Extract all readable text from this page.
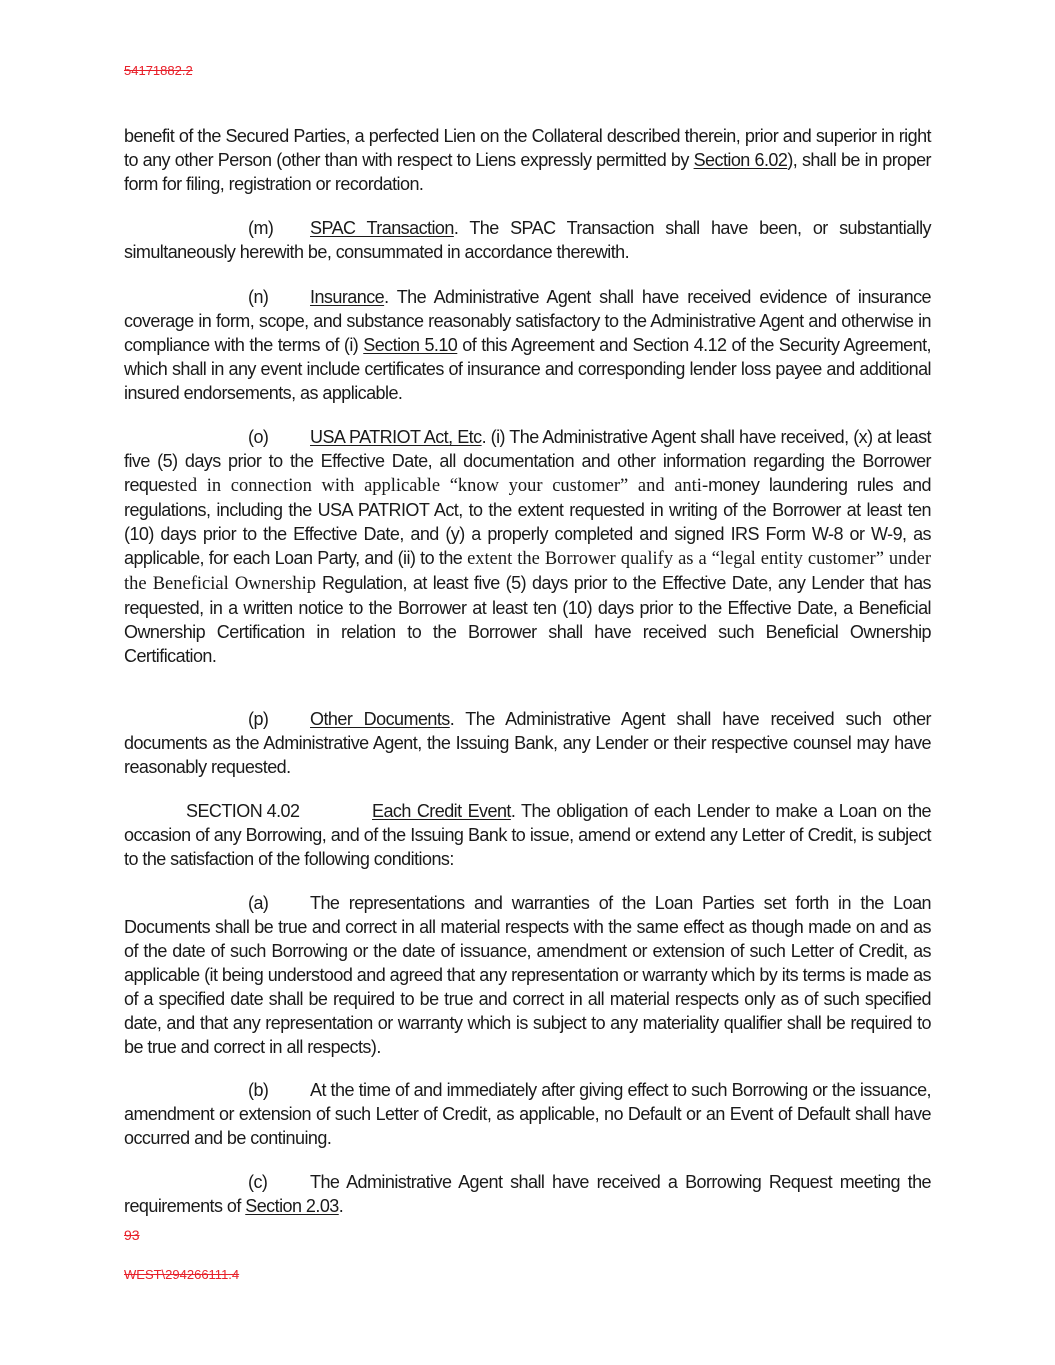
54171882.2

benefit of the Secured Parties, a perfected Lien on the Collateral described therein, prior and superior in right to any other Person (other than with respect to Liens expressly permitted by Section 6.02), shall be in proper form for filing, registration or recordation.

(m) SPAC Transaction. The SPAC Transaction shall have been, or substantially simultaneously herewith be, consummated in accordance therewith.

(n) Insurance. The Administrative Agent shall have received evidence of insurance coverage in form, scope, and substance reasonably satisfactory to the Administrative Agent and otherwise in compliance with the terms of (i) Section 5.10 of this Agreement and Section 4.12 of the Security Agreement, which shall in any event include certificates of insurance and corresponding lender loss payee and additional insured endorsements, as applicable.

(o) USA PATRIOT Act, Etc. (i) The Administrative Agent shall have received, (x) at least five (5) days prior to the Effective Date, all documentation and other information regarding the Borrower requested in connection with applicable “know your customer” and anti-money laundering rules and regulations, including the USA PATRIOT Act, to the extent requested in writing of the Borrower at least ten (10) days prior to the Effective Date, and (y) a properly completed and signed IRS Form W-8 or W-9, as applicable, for each Loan Party, and (ii) to the extent the Borrower qualify as a “legal entity customer” under the Beneficial Ownership Regulation, at least five (5) days prior to the Effective Date, any Lender that has requested, in a written notice to the Borrower at least ten (10) days prior to the Effective Date, a Beneficial Ownership Certification in relation to the Borrower shall have received such Beneficial Ownership Certification.

(p) Other Documents. The Administrative Agent shall have received such other documents as the Administrative Agent, the Issuing Bank, any Lender or their respective counsel may have reasonably requested.

SECTION 4.02	Each Credit Event. The obligation of each Lender to make a Loan on the occasion of any Borrowing, and of the Issuing Bank to issue, amend or extend any Letter of Credit, is subject to the satisfaction of the following conditions:

(a) The representations and warranties of the Loan Parties set forth in the Loan Documents shall be true and correct in all material respects with the same effect as though made on and as of the date of such Borrowing or the date of issuance, amendment or extension of such Letter of Credit, as applicable (it being understood and agreed that any representation or warranty which by its terms is made as of a specified date shall be required to be true and correct in all material respects only as of such specified date, and that any representation or warranty which is subject to any materiality qualifier shall be required to be true and correct in all respects).

(b) At the time of and immediately after giving effect to such Borrowing or the issuance, amendment or extension of such Letter of Credit, as applicable, no Default or an Event of Default shall have occurred and be continuing.

(c) The Administrative Agent shall have received a Borrowing Request meeting the requirements of Section 2.03.

93
WEST\294266111.4
